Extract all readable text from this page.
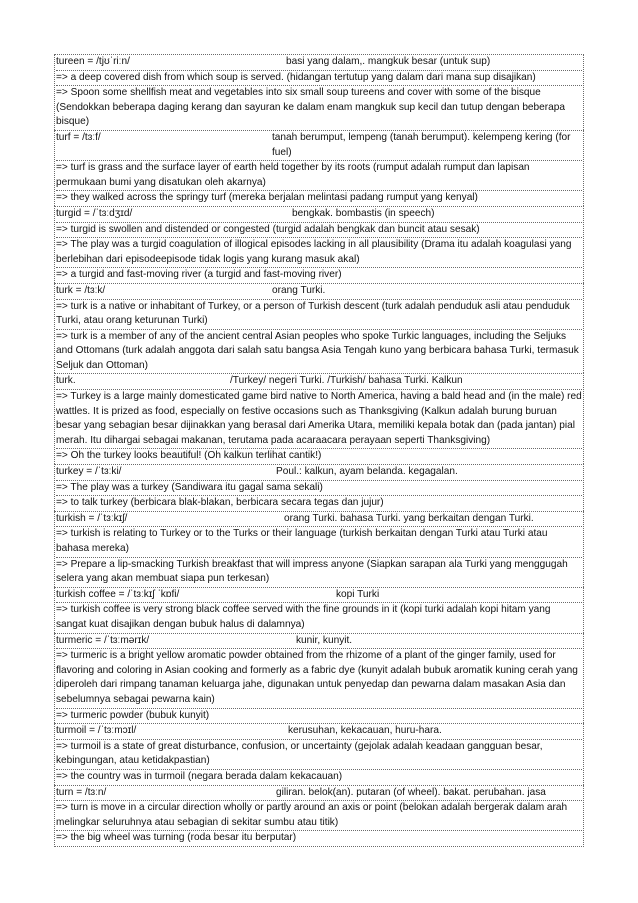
tureen = /tjʊˈriːn/	basi yang dalam,. mangkuk besar (untuk sup)
=> a deep covered dish from which soup is served. (hidangan tertutup yang dalam dari mana sup disajikan)
=> Spoon some shellfish meat and vegetables into six small soup tureens and cover with some of the bisque (Sendokkan beberapa daging kerang dan sayuran ke dalam enam mangkuk sup kecil dan tutup dengan beberapa bisque)
turf = /tɜːf/	tanah berumput, lempeng (tanah berumput). kelempeng kering (for fuel)
=> turf is grass and the surface layer of earth held together by its roots (rumput adalah rumput dan lapisan permukaan bumi yang disatukan oleh akarnya)
=> they walked across the springy turf (mereka berjalan melintasi padang rumput yang kenyal)
turgid = /ˈtɜːdʒɪd/	bengkak. bombastis (in speech)
=> turgid is swollen and distended or congested (turgid adalah bengkak dan buncit atau sesak)
=> The play was a turgid coagulation of illogical episodes lacking in all plausibility (Drama itu adalah koagulasi yang berlebihan dari episodeepisode tidak logis yang kurang masuk akal)
=> a turgid and fast-moving river (a turgid and fast-moving river)
turk = /tɜːk/	orang Turki.
=> turk is a native or inhabitant of Turkey, or a person of Turkish descent (turk adalah penduduk asli atau penduduk Turki, atau orang keturunan Turki)
=> turk is a member of any of the ancient central Asian peoples who spoke Turkic languages, including the Seljuks and Ottomans (turk adalah anggota dari salah satu bangsa Asia Tengah kuno yang berbicara bahasa Turki, termasuk Seljuk dan Ottoman)
turk.	/Turkey/ negeri Turki. /Turkish/ bahasa Turki. Kalkun
=> Turkey is a large mainly domesticated game bird native to North America, having a bald head and (in the male) red wattles. It is prized as food, especially on festive occasions such as Thanksgiving (Kalkun adalah burung buruan besar yang sebagian besar dijinakkan yang berasal dari Amerika Utara, memiliki kepala botak dan (pada jantan) pial merah. Itu dihargai sebagai makanan, terutama pada acaraacara perayaan seperti Thanksgiving)
=> Oh the turkey looks beautiful! (Oh kalkun terlihat cantik!)
turkey = /ˈtɜːki/	Poul.: kalkun, ayam belanda. kegagalan.
=> The play was a turkey (Sandiwara itu gagal sama sekali)
=> to talk turkey (berbicara blak-blakan, berbicara secara tegas dan jujur)
turkish = /ˈtɜːkɪʃ/	orang Turki. bahasa Turki. yang berkaitan dengan Turki.
=> turkish is relating to Turkey or to the Turks or their language (turkish berkaitan dengan Turki atau Turki atau bahasa mereka)
=> Prepare a lip-smacking Turkish breakfast that will impress anyone (Siapkan sarapan ala Turki yang menggugah selera yang akan membuat siapa pun terkesan)
turkish coffee = /ˈtɜːkɪʃ ˈkɒfi/	kopi Turki
=> turkish coffee is very strong black coffee served with the fine grounds in it (kopi turki adalah kopi hitam yang sangat kuat disajikan dengan bubuk halus di dalamnya)
turmeric = /ˈtɜːmərɪk/	kunir, kunyit.
=> turmeric is a bright yellow aromatic powder obtained from the rhizome of a plant of the ginger family, used for flavoring and coloring in Asian cooking and formerly as a fabric dye (kunyit adalah bubuk aromatik kuning cerah yang diperoleh dari rimpang tanaman keluarga jahe, digunakan untuk penyedap dan pewarna dalam masakan Asia dan sebelumnya sebagai pewarna kain)
=> turmeric powder (bubuk kunyit)
turmoil = /ˈtɜːmɔɪl/	kerusuhan, kekacauan, huru-hara.
=> turmoil is a state of great disturbance, confusion, or uncertainty (gejolak adalah keadaan gangguan besar, kebingungan, atau ketidakpastian)
=> the country was in turmoil (negara berada dalam kekacauan)
turn = /tɜːn/	giliran. belok(an). putaran (of wheel). bakat. perubahan. jasa
=> turn is move in a circular direction wholly or partly around an axis or point (belokan adalah bergerak dalam arah melingkar seluruhnya atau sebagian di sekitar sumbu atau titik)
=> the big wheel was turning (roda besar itu berputar)
